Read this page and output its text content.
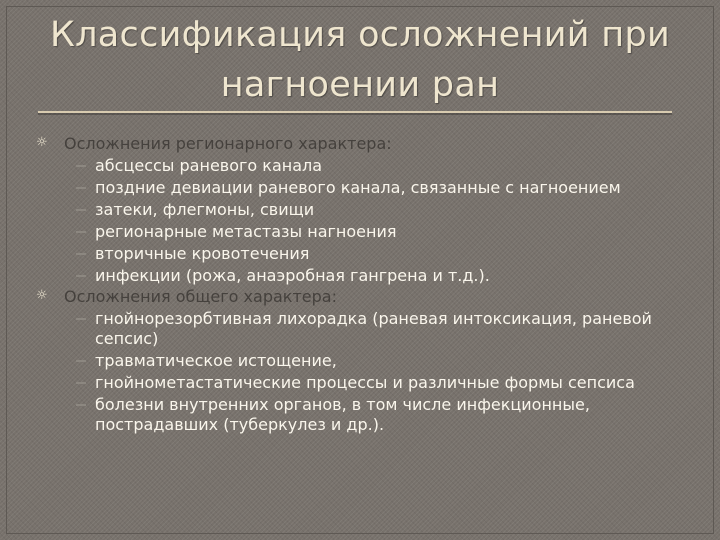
Классификация осложнений при нагноении ран
☼ Осложнения регионарного характера:
абсцессы раневого канала
поздние девиации раневого канала, связанные с нагноением
затеки, флегмоны, свищи
регионарные метастазы нагноения
вторичные кровотечения
инфекции (рожа, анаэробная гангрена и т.д.).
☼ Осложнения общего характера:
гнойнорезорбтивная лихорадка (раневая интоксикация, раневой сепсис)
травматическое истощение,
гнойнометастатические процессы и различные формы сепсиса
болезни внутренних органов, в том числе инфекционные, пострадавших (туберкулез и др.).
